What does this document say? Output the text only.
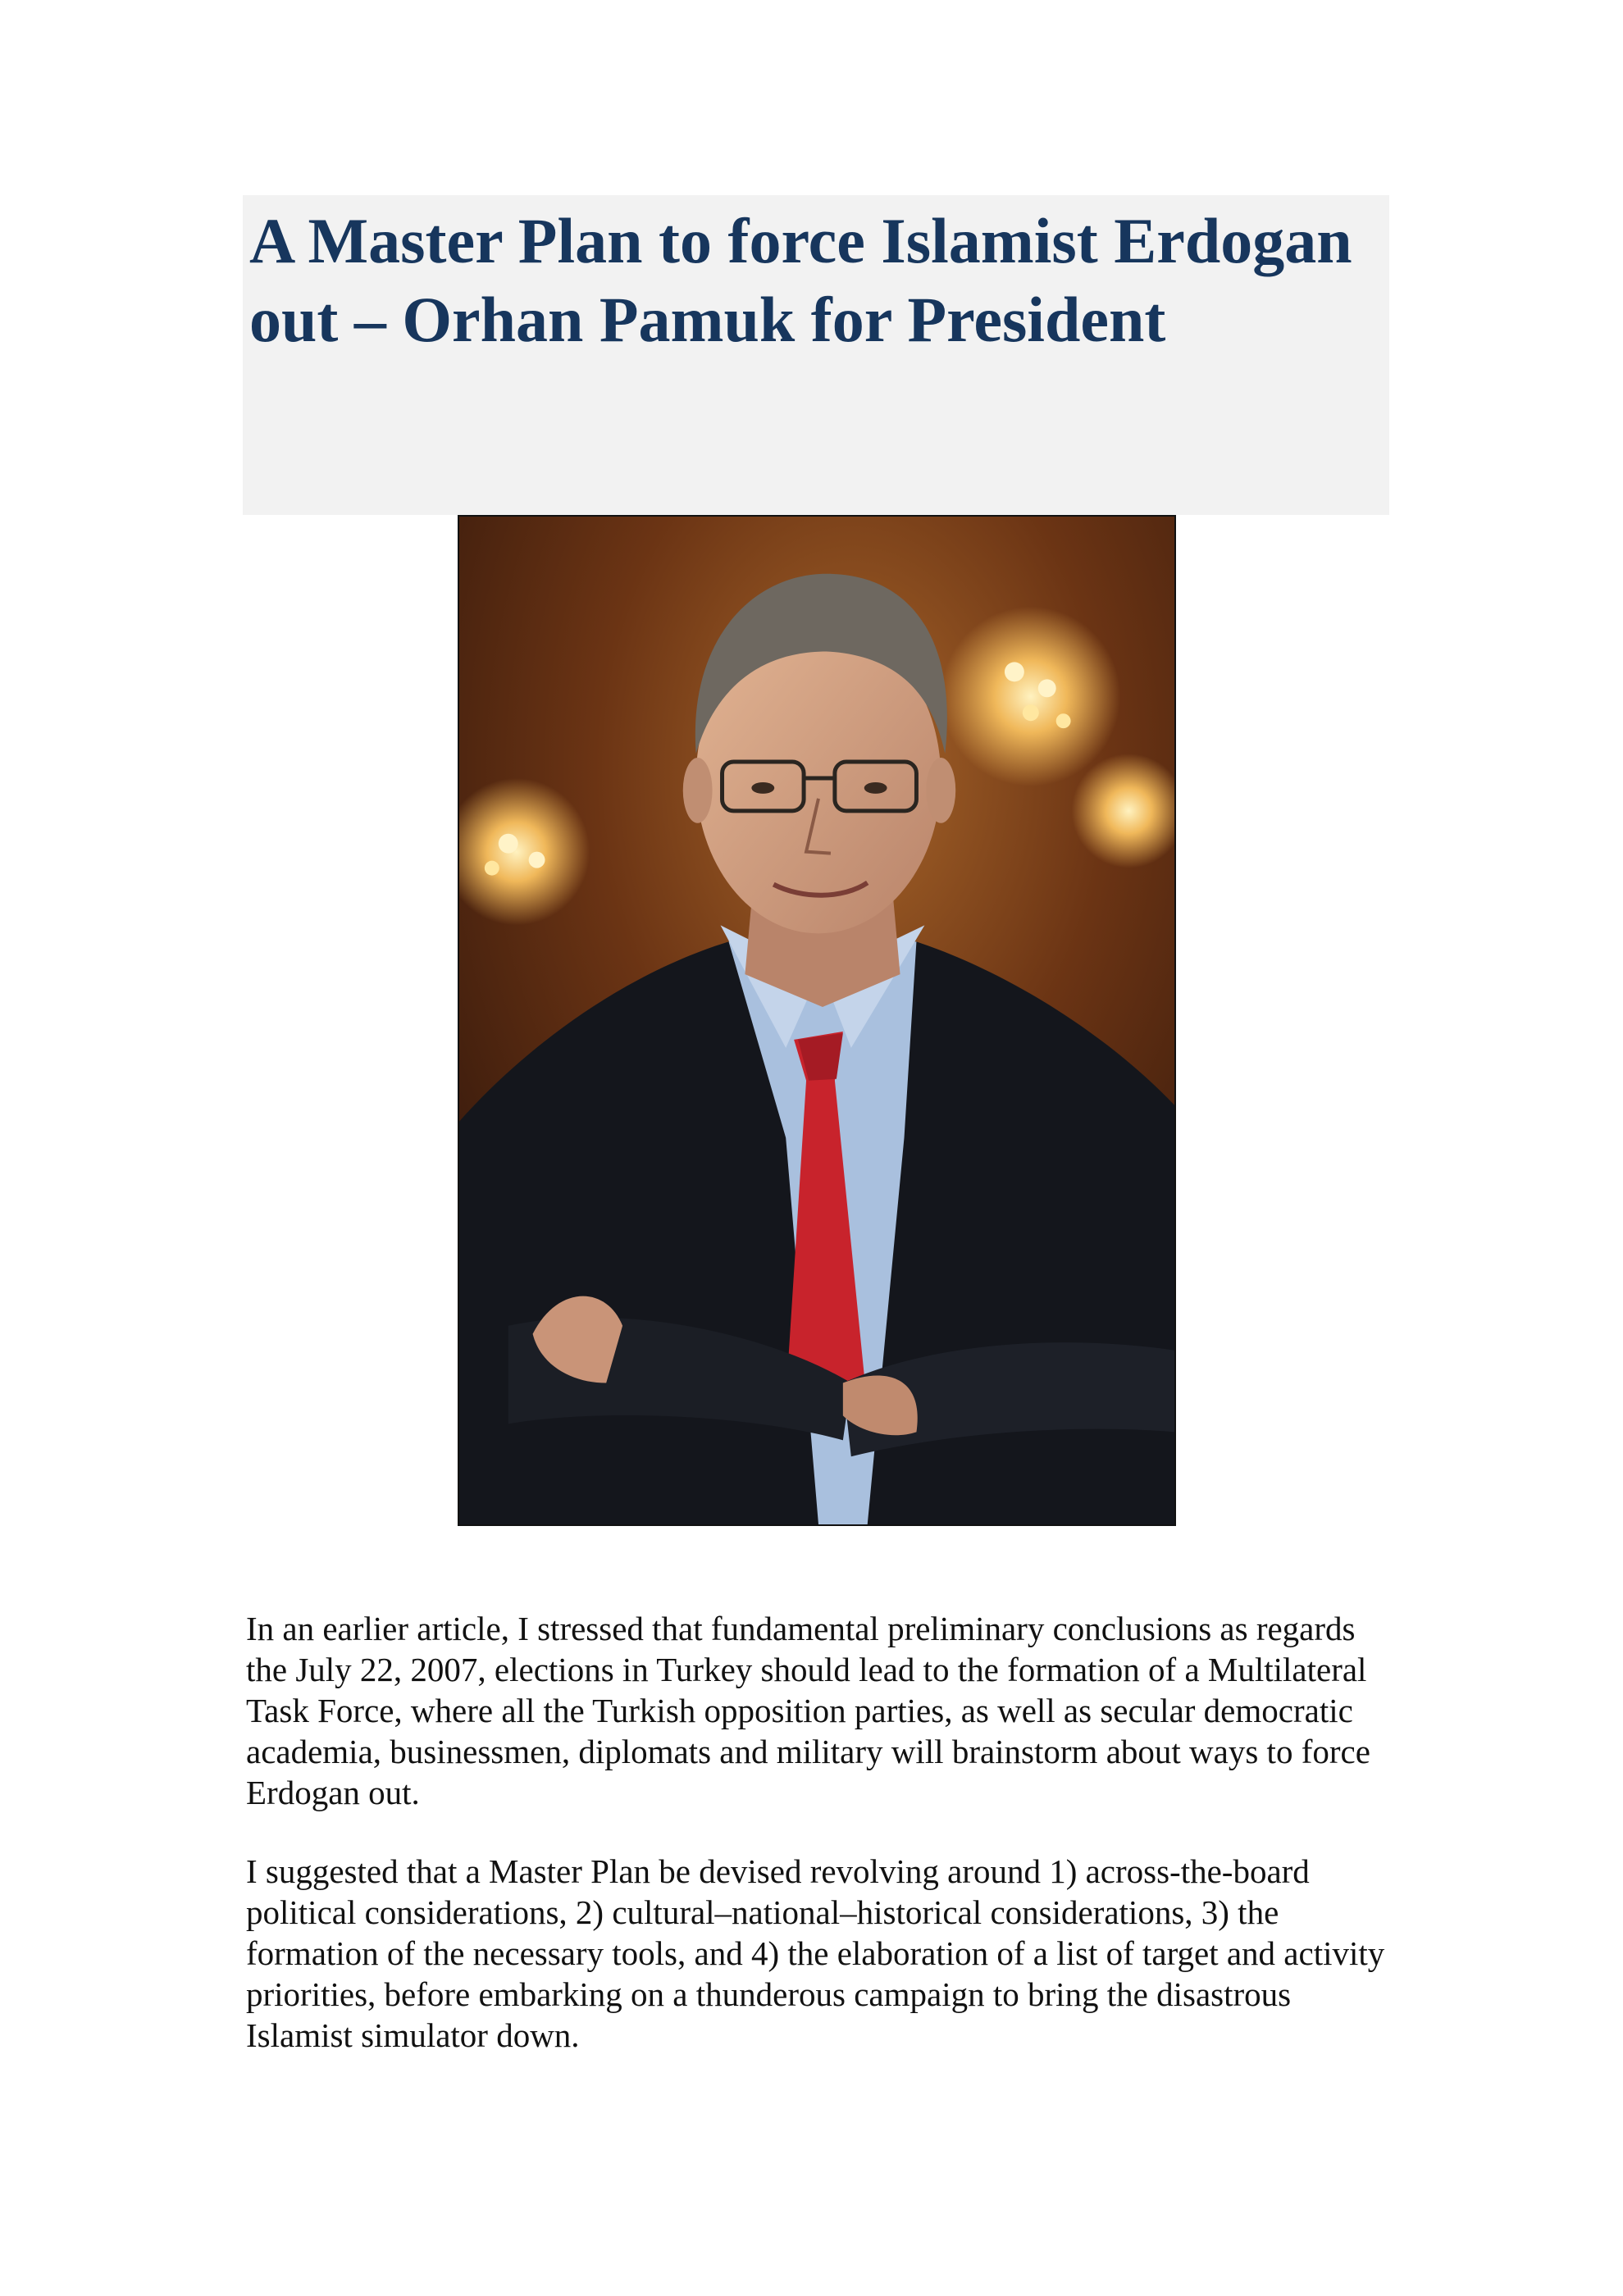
A Master Plan to force Islamist Erdogan out – Orhan Pamuk for President

In an earlier article, I stressed that fundamental preliminary conclusions as regards the July 22, 2007, elections in Turkey should lead to the formation of a Multilateral Task Force, where all the Turkish opposition parties, as well as secular democratic academia, businessmen, diplomats and military will brainstorm about ways to force Erdogan out.

I suggested that a Master Plan be devised revolving around 1) across-the-board political considerations, 2) cultural–national–historical considerations, 3) the formation of the necessary tools, and 4) the elaboration of a list of target and activity priorities, before embarking on a thunderous campaign to bring the disastrous Islamist simulator down.
